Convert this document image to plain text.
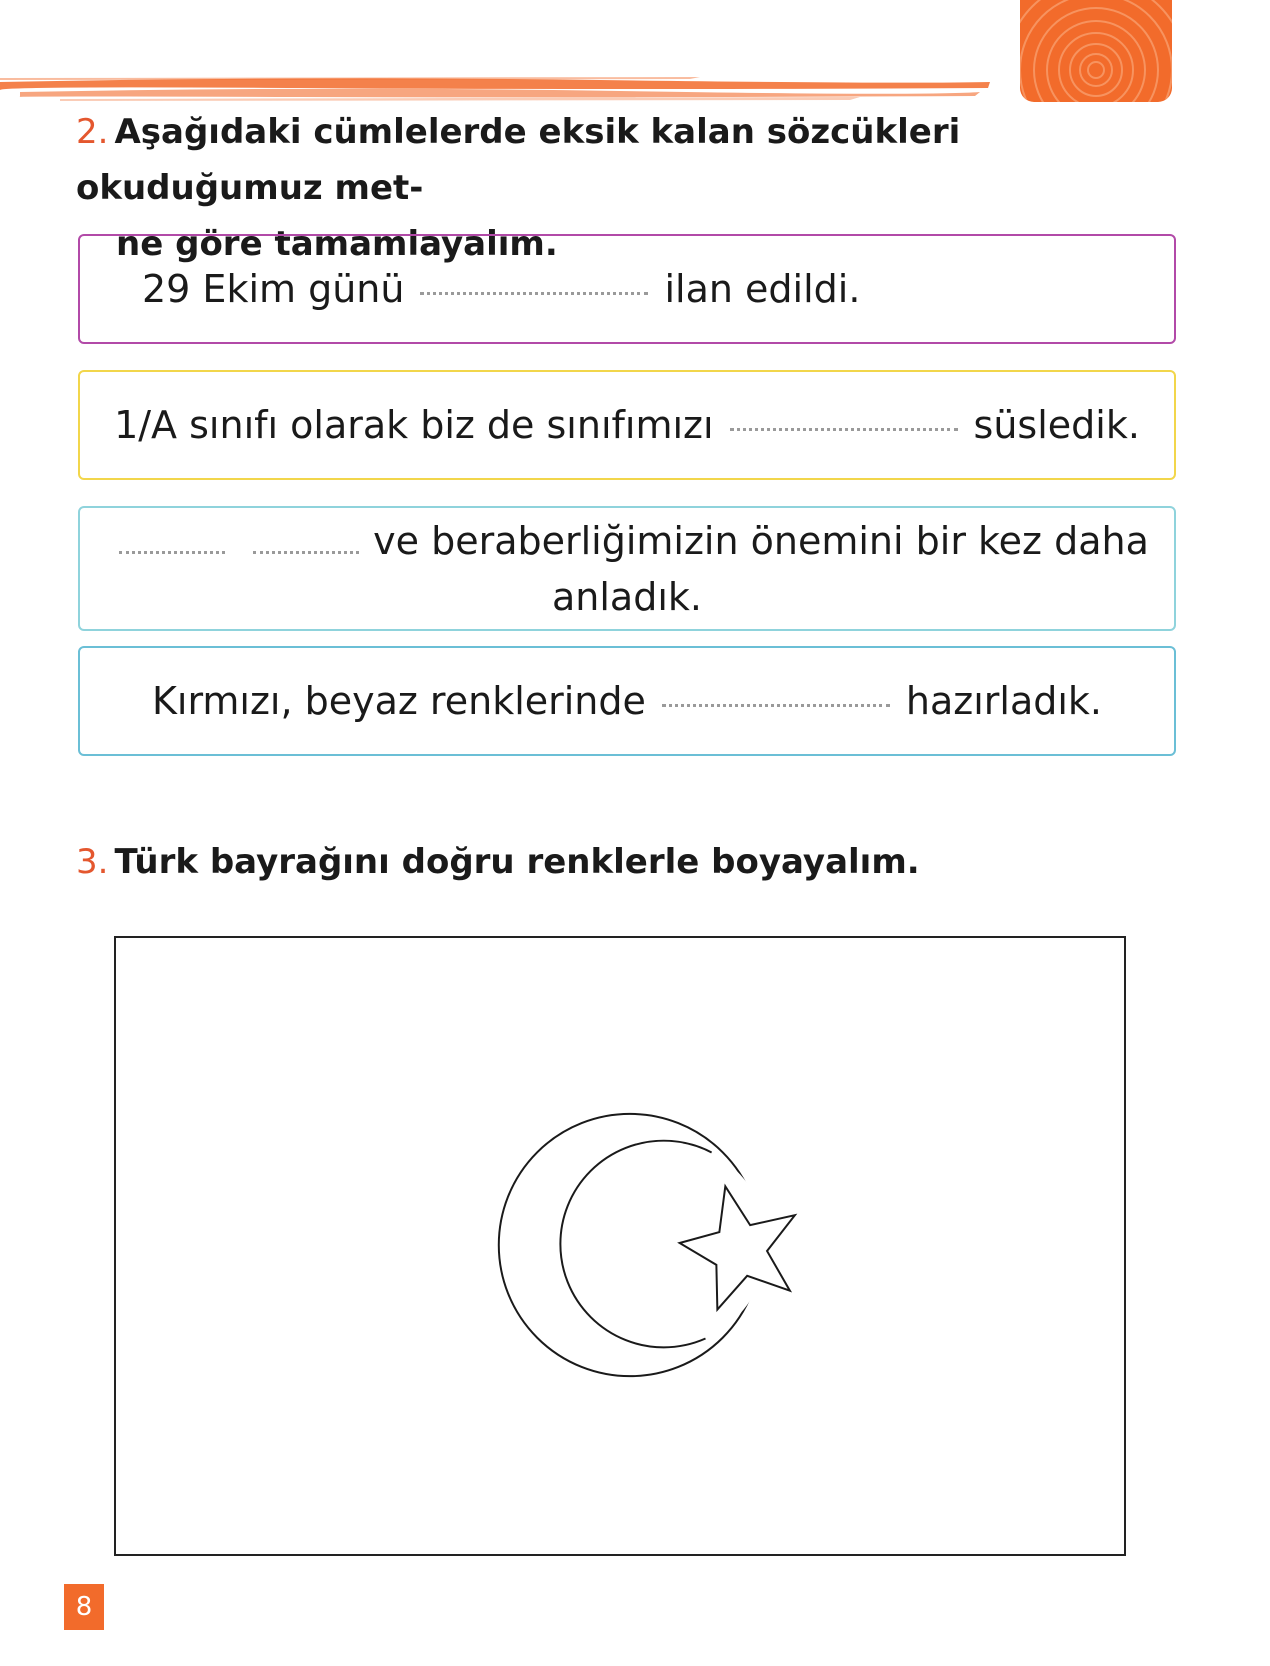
2. Aşağıdaki cümlelerde eksik kalan sözcükleri okuduğumuz met-
ne göre tamamlayalım.
29 Ekim günü	ilan edildi.
1/A sınıfı olarak biz de sınıfımızı	süsledik.
ve beraberliğimizin önemini bir kez daha
anladık.
Kırmızı, beyaz renklerinde	hazırladık.
3. Türk bayrağını doğru renklerle boyayalım.
8
